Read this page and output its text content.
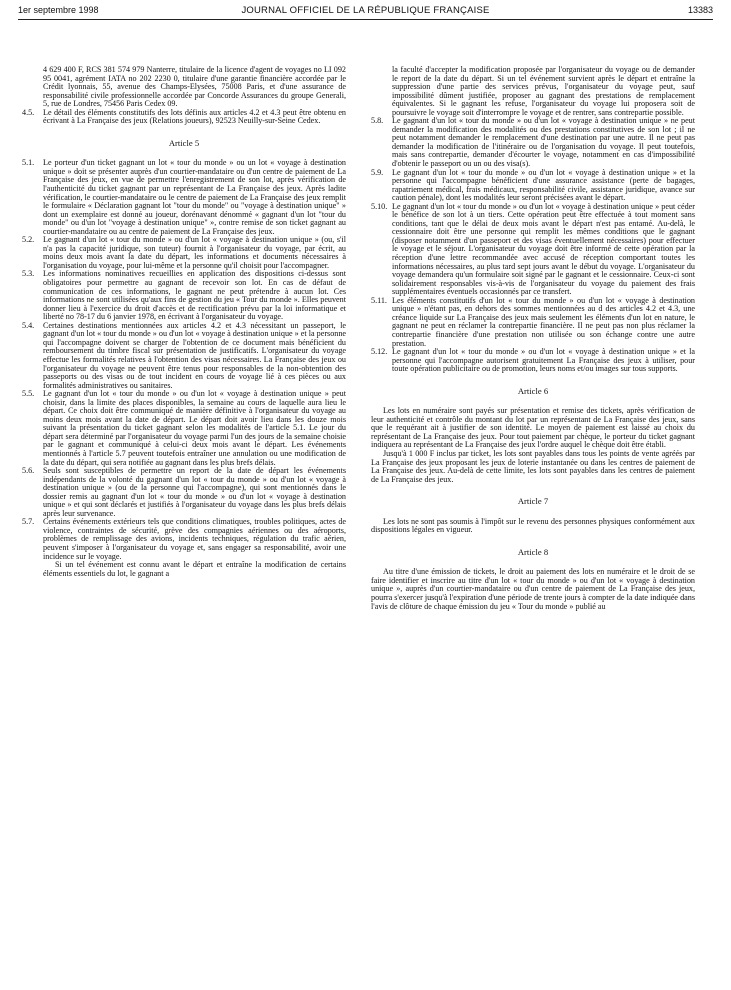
1er septembre 1998	JOURNAL OFFICIEL DE LA RÉPUBLIQUE FRANÇAISE	13383

4 629 400 F, RCS 381 574 979 Nanterre, titulaire de la licence d'agent de voyages no LI 092 95 0041, agrément IATA no 202 2230 0, titulaire d'une garantie financière accordée par le Crédit lyonnais, 55, avenue des Champs-Elysées, 75008 Paris, et d'une assurance de responsabilité civile professionnelle accordée par Concorde Assurances du groupe Generali, 5, rue de Londres, 75456 Paris Cedex 09.

4.5.	Le détail des éléments constitutifs des lots définis aux articles 4.2 et 4.3 peut être obtenu en écrivant à La Française des jeux (Relations joueurs), 92523 Neuilly-sur-Seine Cedex.
Article 5
5.1.	Le porteur d'un ticket gagnant un lot « tour du monde » ou un lot « voyage à destination unique » doit se présenter auprès d'un courtier-mandataire ou d'un centre de paiement de La Française des jeux, en vue de permettre l'enregistrement de son lot, après vérification de l'authenticité du ticket gagnant par un représentant de La Française des jeux. Après ladite vérification, le courtier-mandataire ou le centre de paiement de La Française des jeux remplit le formulaire « Déclaration gagnant lot "tour du monde" ou "voyage à destination unique" » dont un exemplaire est donné au joueur, dorénavant dénommé « gagnant d'un lot "tour du monde" ou d'un lot "voyage à destination unique" », contre remise de son ticket gagnant au courtier-mandataire ou au centre de paiement de La Française des jeux.
5.2.	Le gagnant d'un lot « tour du monde » ou d'un lot « voyage à destination unique » (ou, s'il n'a pas la capacité juridique, son tuteur) fournit à l'organisateur du voyage, par écrit, au moins deux mois avant la date du départ, les informations et documents nécessaires à l'organisation du voyage, pour lui-même et la personne qu'il choisit pour l'accompagner.
5.3.	Les informations nominatives recueillies en application des dispositions ci-dessus sont obligatoires pour permettre au gagnant de recevoir son lot. En cas de défaut de communication de ces informations, le gagnant ne peut prétendre à aucun lot. Ces informations ne sont utilisées qu'aux fins de gestion du jeu « Tour du monde ». Elles peuvent donner lieu à l'exercice du droit d'accès et de rectification prévu par la loi informatique et liberté no 78-17 du 6 janvier 1978, en écrivant à l'organisateur du voyage.
5.4.	Certaines destinations mentionnées aux articles 4.2 et 4.3 nécessitant un passeport, le gagnant d'un lot « tour du monde » ou d'un lot « voyage à destination unique » et la personne qui l'accompagne doivent se charger de l'obtention de ce document mais bénéficient du remboursement du timbre fiscal sur présentation de justificatifs. L'organisateur du voyage effectue les formalités relatives à l'obtention des visas nécessaires. La Française des jeux ou l'organisateur du voyage ne peuvent être tenus pour responsables de la non-obtention des passeports ou des visas ou de tout incident en cours de voyage lié à ces pièces ou aux formalités administratives ou sanitaires.
5.5.	Le gagnant d'un lot « tour du monde » ou d'un lot « voyage à destination unique » peut choisir, dans la limite des places disponibles, la semaine au cours de laquelle aura lieu le départ. Ce choix doit être communiqué de manière définitive à l'organisateur du voyage au moins deux mois avant la date de départ. Le départ doit avoir lieu dans les douze mois suivant la présentation du ticket gagnant selon les modalités de l'article 5.1. Le jour du départ sera déterminé par l'organisateur du voyage parmi l'un des jours de la semaine choisie par le gagnant et communiqué à celui-ci deux mois avant le départ. Les événements mentionnés à l'article 5.7 peuvent toutefois entraîner une annulation ou une modification de la date du départ, qui sera notifiée au gagnant dans les plus brefs délais.
5.6.	Seuls sont susceptibles de permettre un report de la date de départ les événements indépendants de la volonté du gagnant d'un lot « tour du monde » ou d'un lot « voyage à destination unique » (ou de la personne qui l'accompagne), qui sont mentionnés dans le dossier remis au gagnant d'un lot « tour du monde » ou d'un lot « voyage à destination unique » et qui sont déclarés et justifiés à l'organisateur du voyage dans les plus brefs délais après leur survenance.
5.7.	Certains événements extérieurs tels que conditions climatiques, troubles politiques, actes de violence, contraintes de sécurité, grève des compagnies aériennes ou des aéroports, problèmes de remplissage des avions, incidents techniques, régulation du trafic aérien, peuvent s'imposer à l'organisateur du voyage et, sans engager sa responsabilité, avoir une incidence sur le voyage.

Si un tel événement est connu avant le départ et entraîne la modification de certains éléments essentiels du lot, le gagnant a

la faculté d'accepter la modification proposée par l'organisateur du voyage ou de demander le report de la date du départ. Si un tel événement survient après le départ et entraîne la suppression d'une partie des services prévus, l'organisateur du voyage peut, sauf impossibilité dûment justifiée, proposer au gagnant des prestations de remplacement équivalentes. Si le gagnant les refuse, l'organisateur du voyage lui proposera soit de poursuivre le voyage soit d'interrompre le voyage et de rentrer, sans contrepartie possible.

5.8.	Le gagnant d'un lot « tour du monde » ou d'un lot « voyage à destination unique » ne peut demander la modification des modalités ou des prestations constitutives de son lot ; il ne peut notamment demander le remplacement d'une destination par une autre. Il ne peut pas demander la modification de l'itinéraire ou de l'organisation du voyage. Il peut toutefois, mais sans contrepartie, demander d'écourter le voyage, notamment en cas d'impossibilité d'obtenir le passeport ou un ou des visa(s).
5.9.	Le gagnant d'un lot « tour du monde » ou d'un lot « voyage à destination unique » et la personne qui l'accompagne bénéficient d'une assurance assistance (perte de bagages, rapatriement médical, frais médicaux, responsabilité civile, assistance juridique, avance sur caution pénale), dont les modalités leur seront précisées avant le départ.
5.10. Le gagnant d'un lot « tour du monde » ou d'un lot « voyage à destination unique » peut céder le bénéfice de son lot à un tiers. Cette opération peut être effectuée à tout moment sans conditions, tant que le délai de deux mois avant le départ n'est pas entamé. Au-delà, le cessionnaire doit être une personne qui remplit les mêmes conditions que le gagnant (disposer notamment d'un passeport et des visas éventuellement nécessaires) pour effectuer le voyage et le séjour. L'organisateur du voyage doit être informé de cette opération par la réception d'une lettre recommandée avec accusé de réception comportant toutes les informations nécessaires, au plus tard sept jours avant le début du voyage. L'organisateur du voyage demandera qu'un formulaire soit signé par le gagnant et le cessionnaire. Ceux-ci sont solidairement responsables vis-à-vis de l'organisateur du voyage du paiement des frais supplémentaires éventuels occasionnés par ce transfert.
5.11. Les éléments constitutifs d'un lot « tour du monde » ou d'un lot « voyage à destination unique » n'étant pas, en dehors des sommes mentionnées au d des articles 4.2 et 4.3, une créance liquide sur La Française des jeux mais seulement les éléments d'un lot en nature, le gagnant ne peut en réclamer la contrepartie financière. Il ne peut pas non plus réclamer la contrepartie financière d'une prestation non utilisée ou son échange contre une autre prestation.
5.12. Le gagnant d'un lot « tour du monde » ou d'un lot « voyage à destination unique » et la personne qui l'accompagne autorisent gratuitement La Française des jeux à utiliser, pour toute opération publicitaire ou de promotion, leurs noms et/ou images sur tous supports.
Article 6

Les lots en numéraire sont payés sur présentation et remise des tickets, après vérification de leur authenticité et contrôle du montant du lot par un représentant de La Française des jeux, sans que le requérant ait à justifier de son identité. Le moyen de paiement est laissé au choix du représentant de La Française des jeux. Pour tout paiement par chèque, le porteur du ticket gagnant indiquera au représentant de La Française des jeux l'ordre auquel le chèque doit être établi.

Jusqu'à 1 000 F inclus par ticket, les lots sont payables dans tous les points de vente agréés par La Française des jeux proposant les jeux de loterie instantanée ou dans les centres de paiement de La Française des jeux. Au-delà de cette limite, les lots sont payables dans les centres de paiement de La Française des jeux.

Article 7

Les lots ne sont pas soumis à l'impôt sur le revenu des personnes physiques conformément aux dispositions légales en vigueur.

Article 8

Au titre d'une émission de tickets, le droit au paiement des lots en numéraire et le droit de se faire identifier et inscrire au titre d'un lot « tour du monde » ou d'un lot « voyage à destination unique », auprès d'un courtier-mandataire ou d'un centre de paiement de La Française des jeux, pourra s'exercer jusqu'à l'expiration d'une période de trente jours à compter de la date indiquée dans l'avis de clôture de chaque émission du jeu « Tour du monde » publié au
